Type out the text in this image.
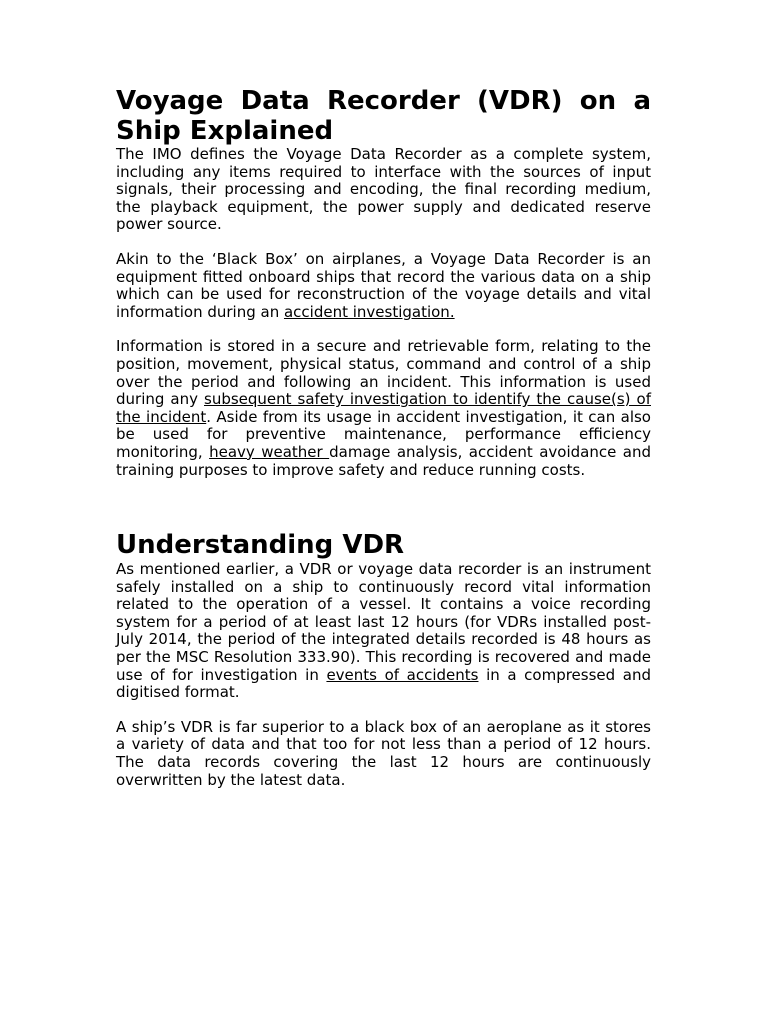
Voyage Data Recorder (VDR) on a Ship Explained

The IMO defines the Voyage Data Recorder as a complete system, including any items required to interface with the sources of input signals, their processing and encoding, the final recording medium, the playback equipment, the power supply and dedicated reserve power source.

Akin to the ‘Black Box’ on airplanes, a Voyage Data Recorder is an equipment fitted onboard ships that record the various data on a ship which can be used for reconstruction of the voyage details and vital information during an accident investigation.

Information is stored in a secure and retrievable form, relating to the position, movement, physical status, command and control of a ship over the period and following an incident. This information is used during any subsequent safety investigation to identify the cause(s) of the incident. Aside from its usage in accident investigation, it can also be used for preventive maintenance, performance efficiency monitoring, heavy weather damage analysis, accident avoidance and training purposes to improve safety and reduce running costs.

Understanding VDR

As mentioned earlier, a VDR or voyage data recorder is an instrument safely installed on a ship to continuously record vital information related to the operation of a vessel. It contains a voice recording system for a period of at least last 12 hours (for VDRs installed post-July 2014, the period of the integrated details recorded is 48 hours as per the MSC Resolution 333.90). This recording is recovered and made use of for investigation in events of accidents in a compressed and digitised format.

A ship’s VDR is far superior to a black box of an aeroplane as it stores a variety of data and that too for not less than a period of 12 hours. The data records covering the last 12 hours are continuously overwritten by the latest data.
